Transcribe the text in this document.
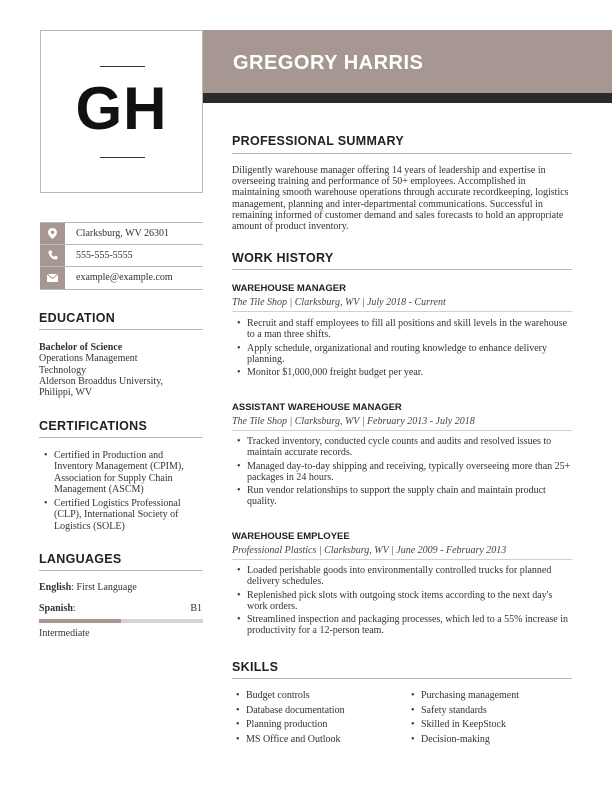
GREGORY HARRIS
GH
Clarksburg, WV 26301
555-555-5555
example@example.com
EDUCATION
Bachelor of Science
Operations Management
Technology
Alderson Broaddus University,
Philippi, WV
CERTIFICATIONS
• Certified in Production and Inventory Management (CPIM), Association for Supply Chain Management (ASCM)
• Certified Logistics Professional (CLP), International Society of Logistics (SOLE)
LANGUAGES
English: First Language
Spanish:	B1
Intermediate
PROFESSIONAL SUMMARY
Diligently warehouse manager offering 14 years of leadership and expertise in overseeing training and performance of 50+ employees. Accomplished in maintaining smooth warehouse operations through accurate recordkeeping, logistics management, planning and inter-departmental communications. Successful in remaining informed of customer demand and sales forecasts to hold an appropriate amount of product inventory.
WORK HISTORY
WAREHOUSE MANAGER
The Tile Shop | Clarksburg, WV | July 2018 - Current
• Recruit and staff employees to fill all positions and skill levels in the warehouse to a man three shifts.
• Apply schedule, organizational and routing knowledge to enhance delivery planning.
• Monitor $1,000,000 freight budget per year.
ASSISTANT WAREHOUSE MANAGER
The Tile Shop | Clarksburg, WV | February 2013 - July 2018
• Tracked inventory, conducted cycle counts and audits and resolved issues to maintain accurate records.
• Managed day-to-day shipping and receiving, typically overseeing more than 25+ packages in 24 hours.
• Run vendor relationships to support the supply chain and maintain product quality.
WAREHOUSE EMPLOYEE
Professional Plastics | Clarksburg, WV | June 2009 - February 2013
• Loaded perishable goods into environmentally controlled trucks for planned delivery schedules.
• Replenished pick slots with outgoing stock items according to the next day's work orders.
• Streamlined inspection and packaging processes, which led to a 55% increase in productivity for a 12-person team.
SKILLS
• Budget controls
• Database documentation
• Planning production
• MS Office and Outlook
• Purchasing management
• Safety standards
• Skilled in KeepStock
• Decision-making
